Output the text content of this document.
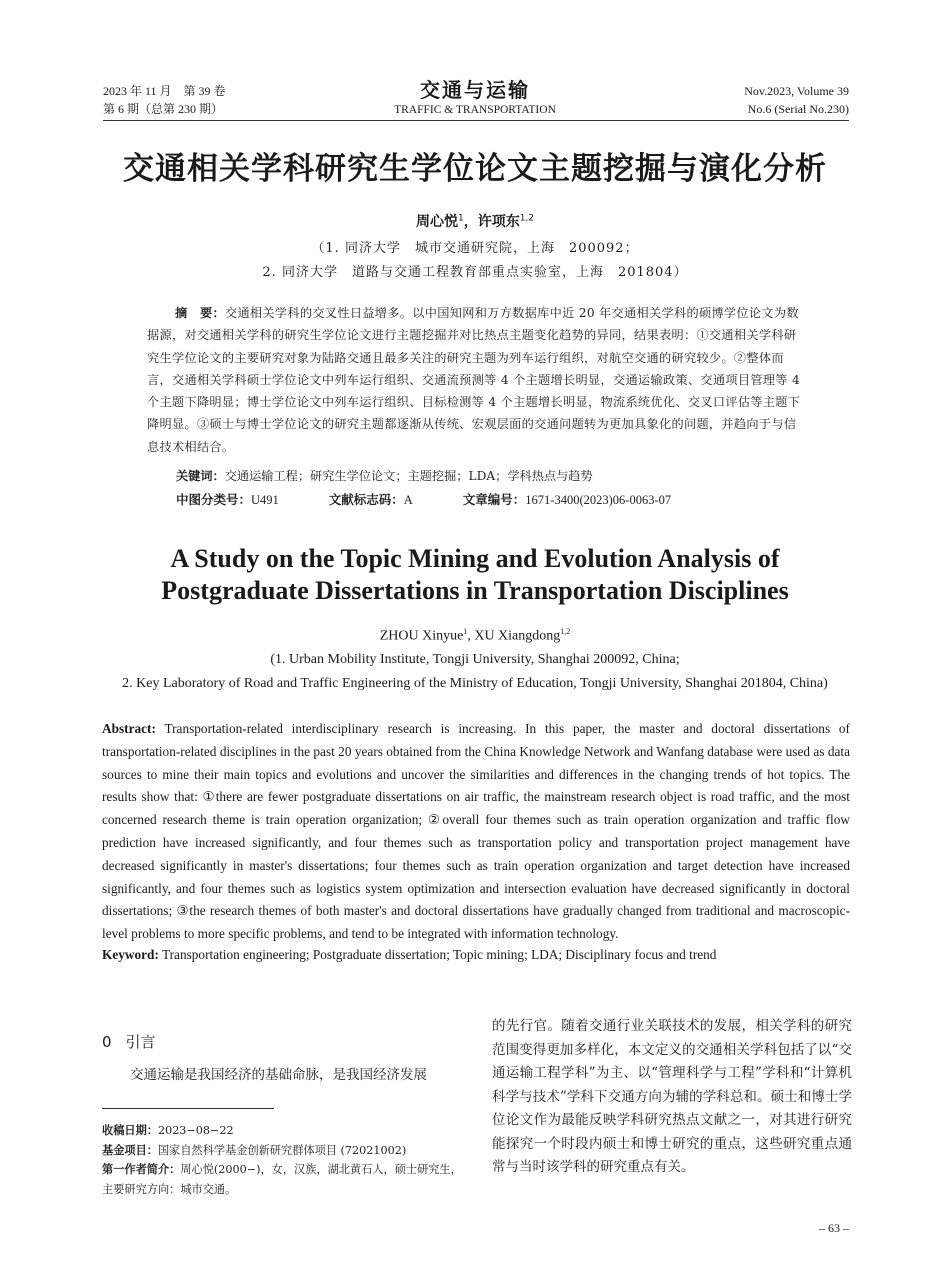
2023 年 11 月　第 39 卷
第 6 期（总第 230 期）
交通与运输
TRAFFIC & TRANSPORTATION
Nov.2023, Volume 39
No.6 (Serial No.230)
交通相关学科研究生学位论文主题挖掘与演化分析
周心悦$^1$，许项东$^{1,2}$
（1. 同济大学　城市交通研究院，上海　200092；
2. 同济大学　道路与交通工程教育部重点实验室，上海　201804）
摘　要：交通相关学科的交叉性日益增多。以中国知网和万方数据库中近 20 年交通相关学科的硕博学位论文为数据源，对交通相关学科的研究生学位论文进行主题挖掘并对比热点主题变化趋势的异同，结果表明：①交通相关学科研究生学位论文的主要研究对象为陆路交通且最多关注的研究主题为列车运行组织，对航空交通的研究较少。②整体而言，交通相关学科硕士学位论文中列车运行组织、交通流预测等 4 个主题增长明显，交通运输政策、交通项目管理等 4 个主题下降明显；博士学位论文中列车运行组织、目标检测等 4 个主题增长明显，物流系统优化、交叉口评估等主题下降明显。③硕士与博士学位论文的研究主题都逐渐从传统、宏观层面的交通问题转为更加具象化的问题，并趋向于与信息技术相结合。
关键词：交通运输工程；研究生学位论文；主题挖掘；LDA；学科热点与趋势
中图分类号：U491	文献标志码：A	文章编号：1671-3400(2023)06-0063-07
A Study on the Topic Mining and Evolution Analysis of Postgraduate Dissertations in Transportation Disciplines
ZHOU Xinyue$^1$, XU Xiangdong$^{1,2}$
(1. Urban Mobility Institute, Tongji University, Shanghai 200092, China;
2. Key Laboratory of Road and Traffic Engineering of the Ministry of Education, Tongji University, Shanghai 201804, China)
Abstract: Transportation-related interdisciplinary research is increasing. In this paper, the master and doctoral dissertations of transportation-related disciplines in the past 20 years obtained from the China Knowledge Network and Wanfang database were used as data sources to mine their main topics and evolutions and uncover the similarities and differences in the changing trends of hot topics. The results show that: ①there are fewer postgraduate dissertations on air traffic, the mainstream research object is road traffic, and the most concerned research theme is train operation organization; ②overall four themes such as train operation organization and traffic flow prediction have increased significantly, and four themes such as transportation policy and transportation project management have decreased significantly in master's dissertations; four themes such as train operation organization and target detection have increased significantly, and four themes such as logistics system optimization and intersection evaluation have decreased significantly in doctoral dissertations; ③the research themes of both master's and doctoral dissertations have gradually changed from traditional and macroscopic-level problems to more specific problems, and tend to be integrated with information technology.
Keyword: Transportation engineering; Postgraduate dissertation; Topic mining; LDA; Disciplinary focus and trend
0 引言
交通运输是我国经济的基础命脉，是我国经济发展
收稿日期：2023−08−22
基金项目：国家自然科学基金创新研究群体项目 (72021002)
第一作者简介：周心悦(2000−)，女，汉族，湖北黄石人，硕士研究生，主要研究方向：城市交通。
的先行官。随着交通行业关联技术的发展，相关学科的研究范围变得更加多样化，本文定义的交通相关学科包括了以“交通运输工程学科”为主、以“管理科学与工程”学科和“计算机科学与技术”学科下交通方向为辅的学科总和。硕士和博士学位论文作为最能反映学科研究热点文献之一，对其进行研究能探究一个时段内硕士和博士研究的重点，这些研究重点通常与当时该学科的研究重点有关。
– 63 –
